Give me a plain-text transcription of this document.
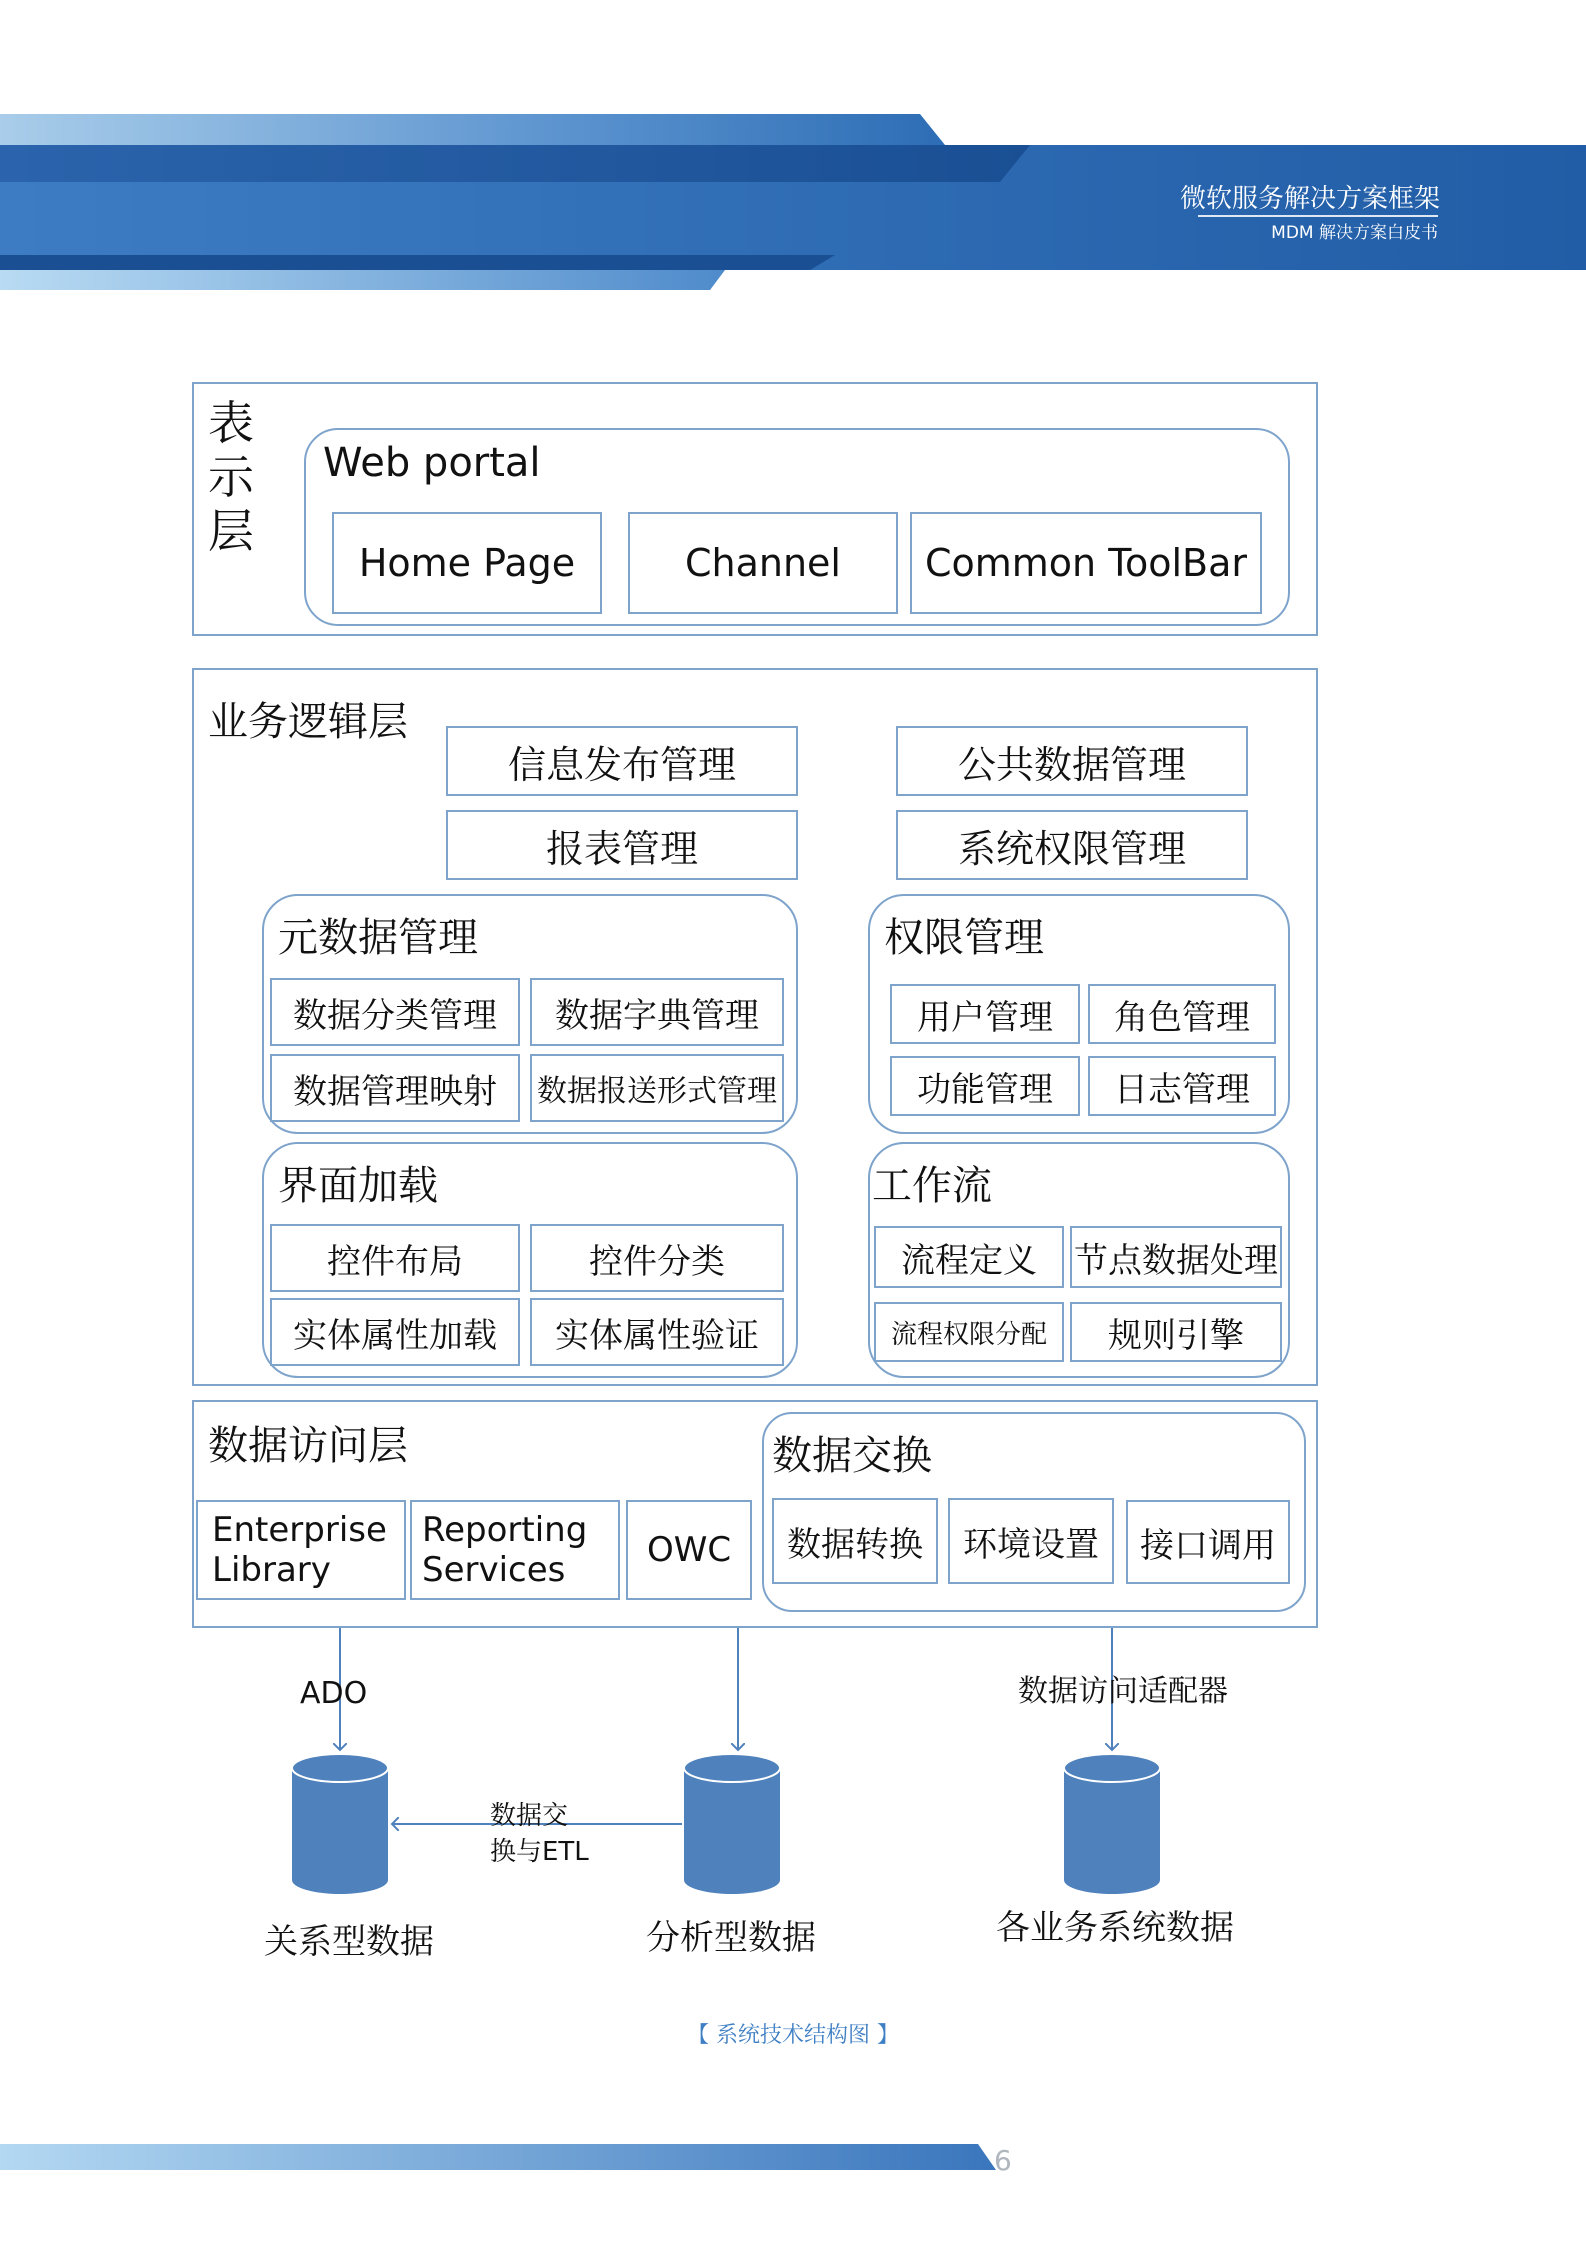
微软服务解决方案框架
MDM 解决方案白皮书
表示层
Web portal
Home Page	Channel	Common ToolBar
业务逻辑层
信息发布管理
报表管理
公共数据管理
系统权限管理
元数据管理
数据分类管理	数据字典管理
数据管理映射	数据报送形式管理
权限管理
用户管理	角色管理
功能管理	日志管理
界面加载
控件布局	控件分类
实体属性加载	实体属性验证
工作流
流程定义	节点数据处理
流程权限分配	规则引擎
数据访问层
Enterprise
Library
Reporting
Services	OWC
数据交换
数据转换	环境设置	接口调用
ADO	数据访问适配器
数据交
换与ETL
关系型数据	分析型数据	各业务系统数据
【 系统技术结构图 】
6
